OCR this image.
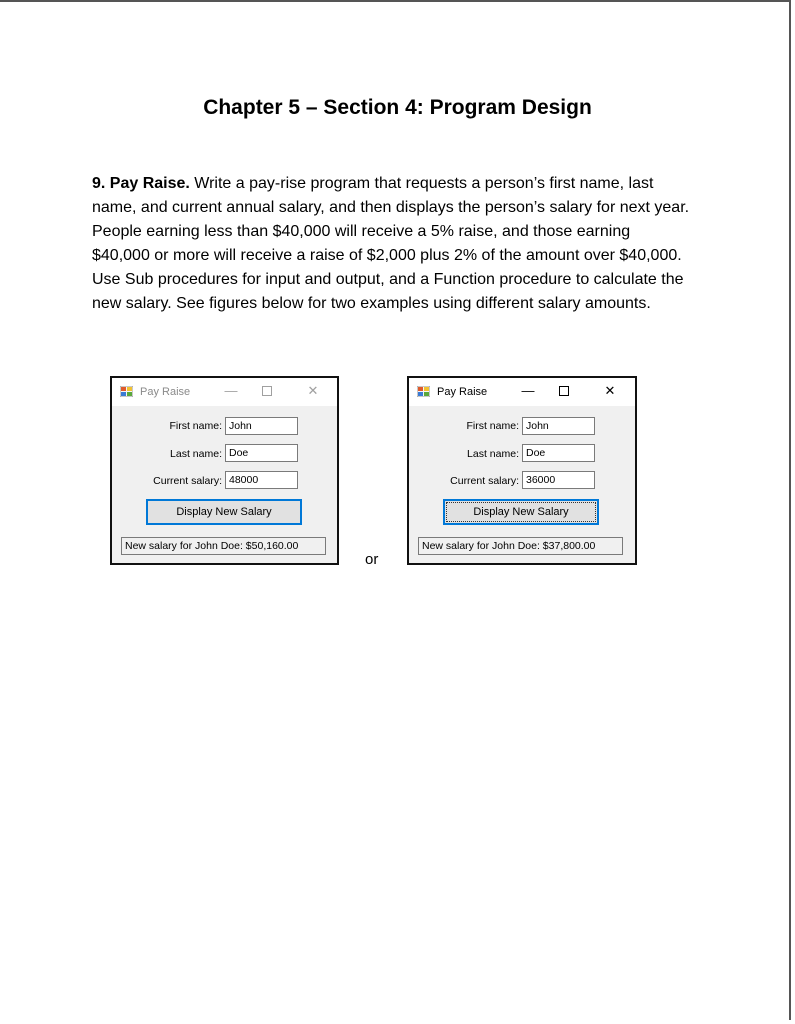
Chapter 5 – Section 4: Program Design
9. Pay Raise. Write a pay-rise program that requests a person’s first name, last name, and current annual salary, and then displays the person’s salary for next year. People earning less than $40,000 will receive a 5% raise, and those earning $40,000 or more will receive a raise of $2,000 plus 2% of the amount over $40,000. Use Sub procedures for input and output, and a Function procedure to calculate the new salary. See figures below for two examples using different salary amounts.
Pay Raise	—	✕
First name: John
Last name: Doe
Current salary: 48000
Display New Salary
New salary for John Doe: $50,160.00
Pay Raise	—	✕
First name: John
Last name: Doe
Current salary: 36000
Display New Salary
New salary for John Doe: $37,800.00
or
